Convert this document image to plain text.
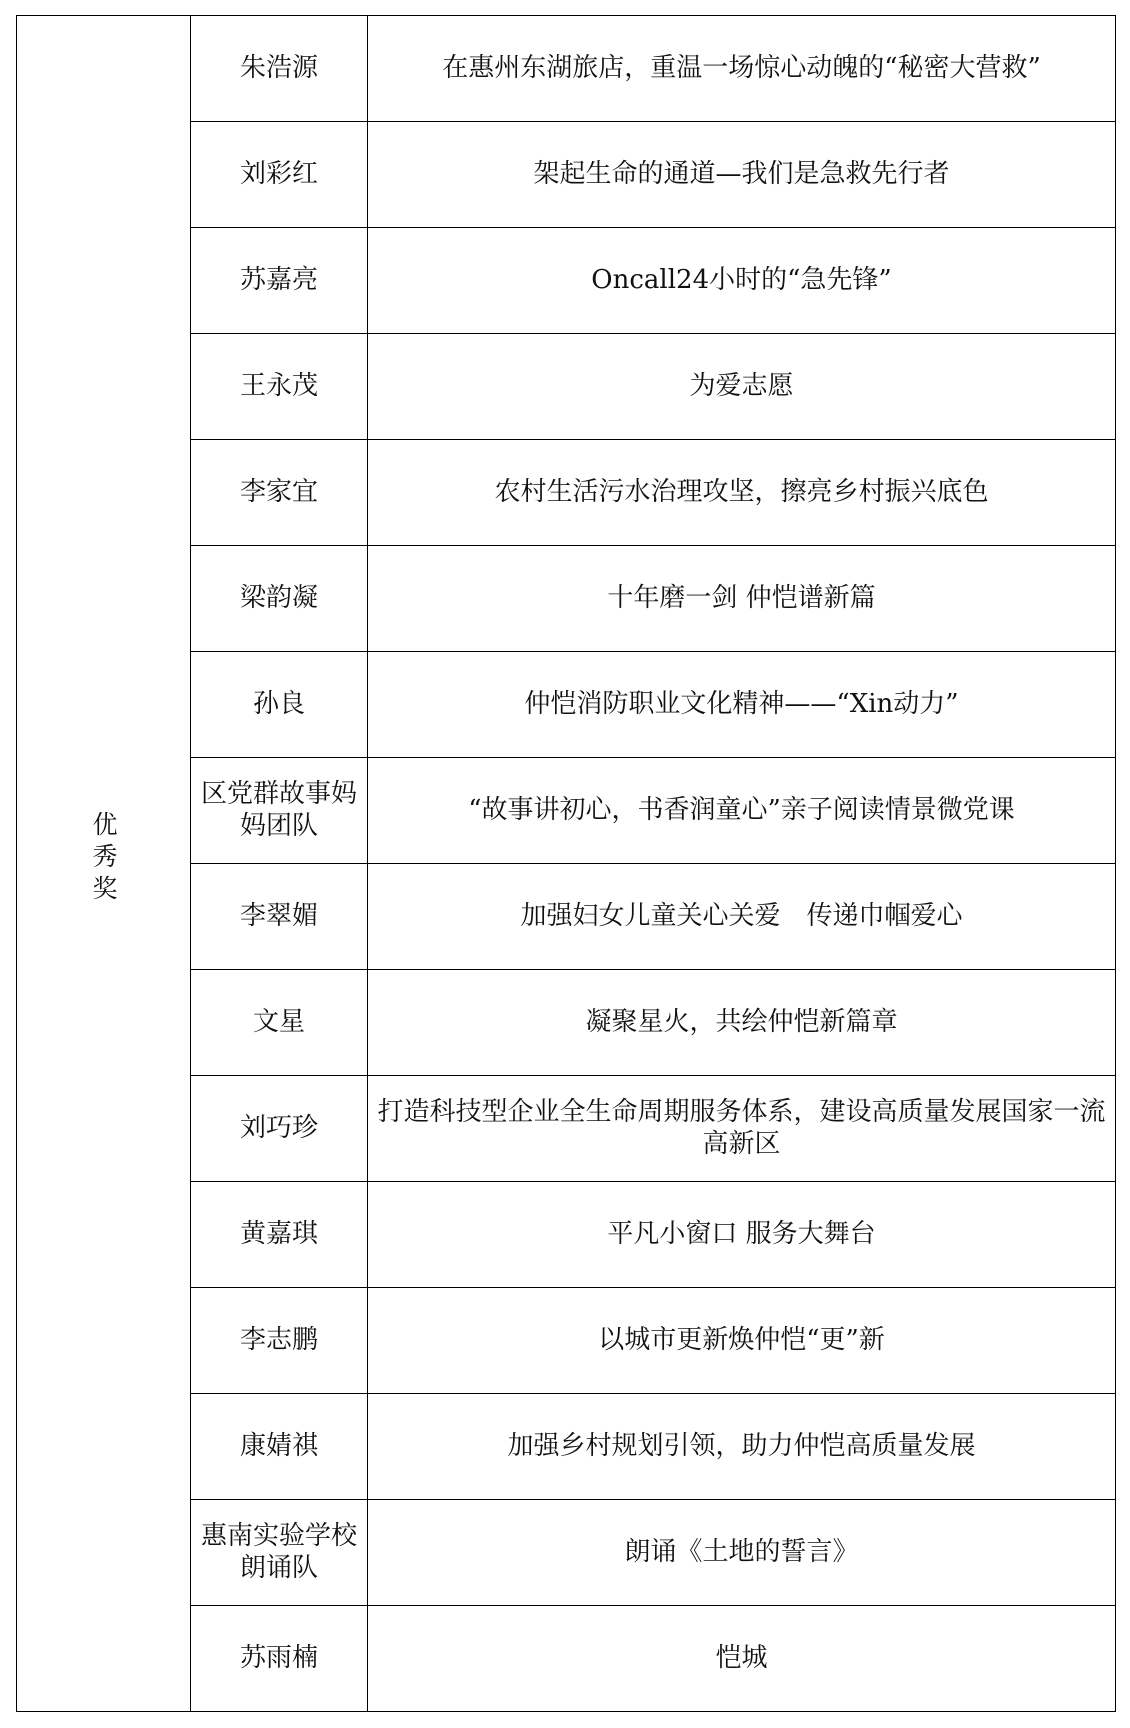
优秀奖	朱浩源	在惠州东湖旅店，重温一场惊心动魄的“秘密大营救”
	刘彩红	架起生命的通道—我们是急救先行者
	苏嘉亮	Oncall24小时的“急先锋”
	王永茂	为爱志愿
	李家宜	农村生活污水治理攻坚，擦亮乡村振兴底色
	梁韵凝	十年磨一剑 仲恺谱新篇
	孙良	仲恺消防职业文化精神——“Xin动力”
	区党群故事妈妈团队	“故事讲初心，书香润童心”亲子阅读情景微党课
	李翠媚	加强妇女儿童关心关爱　传递巾帼爱心
	文星	凝聚星火，共绘仲恺新篇章
	刘巧珍	打造科技型企业全生命周期服务体系，建设高质量发展国家一流高新区
	黄嘉琪	平凡小窗口 服务大舞台
	李志鹏	以城市更新焕仲恺“更”新
	康婧祺	加强乡村规划引领，助力仲恺高质量发展
	惠南实验学校朗诵队	朗诵《土地的誓言》
	苏雨楠	恺城
